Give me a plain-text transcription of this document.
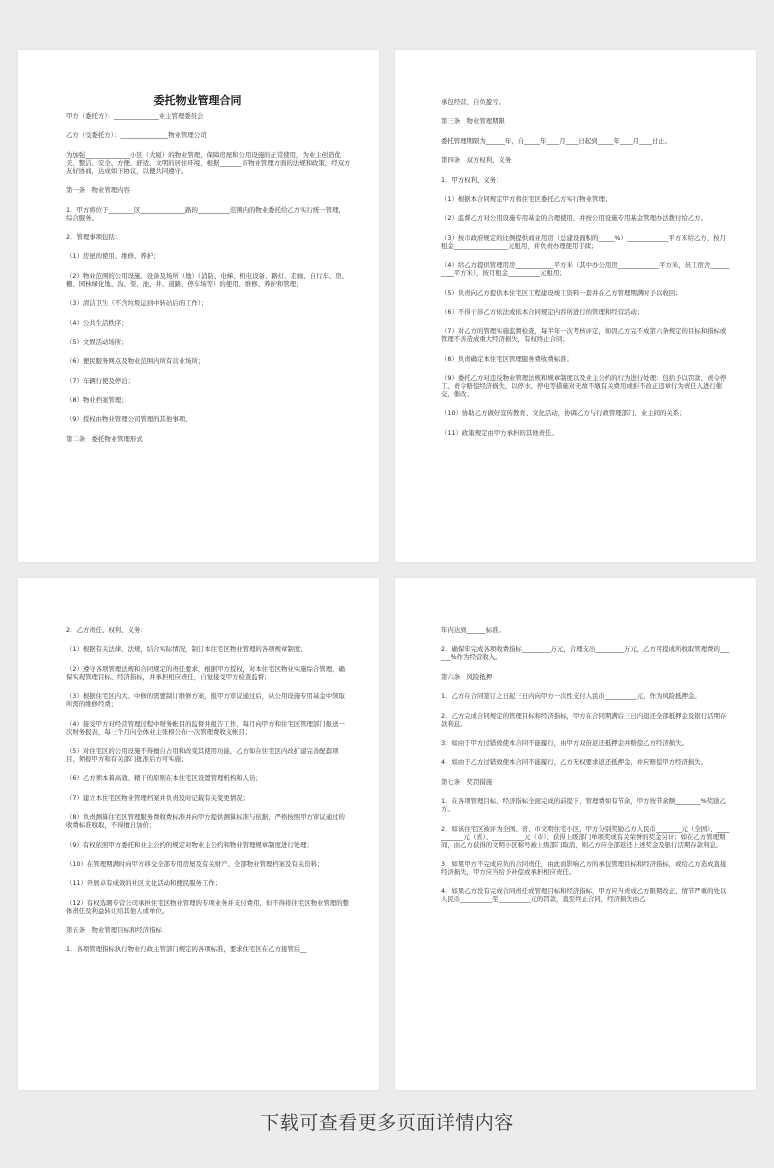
委托物业管理合同
甲方（委托方）：______________业主管理委员会
乙方（受委托方）：_______________物业管理公司
为加强______________小区（大厦）的物业管理，保障房屋和公用设施的正常使用，为业主创造优美、整洁、安全、方便、舒适、文明的居住环境，根据_______市物业管理方面的法规和政策，经双方友好协商，达成如下协议，以便共同遵守。
第一条　物业管理内容
1．甲方将位于________区______________路的__________范围内的物业委托给乙方实行统一管理，综合服务。
2．管理事项包括：
（1）房屋的使用、维修、养护；
（2）物业范围的公用设施、设备及场所（地）（消防、电梯、机电设备、路灯、走廊、自行车、房、棚、园林绿化地、沟、渠、池、井、道路、停车场等）的使用、维修、养护和管理；
（3）清洁卫生（不含垃圾运到中转站后的工作）；
（4）公共生活秩序；
（5）文娱活动场所；
（6）便民服务网点及物业范围内所有营业场所；
（7）车辆行使及停泊；
（8）物业档案管理；
（9）授权由物业管理公司管理的其他事项。
第二条　委托物业管理形式
承包经营、自负盈亏。
第三条　物业管理期限
委托管理期限为______年，自_____年____月____日起到_____年____月____日止。
第四条　双方权利、义务
1．甲方权利、义务：
（1）根据本合同规定甲方将住宅区委托乙方实行物业管理；
（2）监督乙方对公用设施专用基金的合理使用，并按公用设施专用基金管理办法拨付给乙方。
（3）按市政府规定的比例提供商业用房（总建设面积的_____%）_____________平方米给乙方，按月租金_________________元租用，并负责办理使用手续；
（4）给乙方提供管理用房____________平方米（其中办公用房_____________平方米，员工宿舍__________平方米），按月租金__________元租用；
（5）负责向乙方提供本住宅区工程建设竣工资料一套并在乙方管理期满时予以收回；
（6）不得干涉乙方依法或依本合同规定内容所进行的管理和经营活动；
（7）对乙方的管理实施监督检查，每半年一次考核评定，如因乙方完不成第六条规定的目标和指标或管理不善造成重大经济损失，有权终止合同；
（8）负责确定本住宅区管理服务费收费标准；
（9）委托乙方对违反物业管理法规和规章制度以及业主公约的行为进行处理：包括予以罚款、责令停工、责令赔偿经济损失，以停水、停电等措施对无故不缴有关费用或拒不改正违章行为责任人进行催交、催改；
（10）协助乙方做好宣传教育、文化活动，协调乙方与行政管理部门、业主间的关系；
（11）政策规定由甲方承担的其他责任。
2．乙方责任、权利、义务：
（1）根据有关法律、法规，结合实际情况，制订本住宅区物业管理的各项规章制度；
（2）遵守各项管理法规和合同规定的责任要求，根据甲方授权，对本住宅区物业实施综合管理，确保实现管理目标、经济指标，并承担相应责任，自觉接受甲方检查监督；
（3）根据住宅区内大、中修的需要制订维修方案，报甲方审议通过后，从公用设施专用基金中领取所需的维修经费；
（4）接受甲方对经营管理过程中财务帐目的监督并报告工作，每月向甲方和住宅区管理部门报送一次财务报表，每三个月向全体业主张榜公布一次管理费收支帐目；
（5）对住宅区的公用设施不得擅自占用和改变其使用功能，乙方如在住宅区内改扩建完善配套项目，须报甲方和有关部门批准后方可实施；
（6）乙方须本着高效、精干的原则在本住宅区设置管理机构和人员；
（7）建立本住宅区物业管理档案并负责及时记载有关变更情况；
（8）负责测算住宅区管理服务费收费标准并向甲方提供测算标准与依据，严格按照甲方审议通过的收费标准收取，不得擅自加价；
（9）有权依照甲方委托和业主公约的规定对物业主公约和物业管理规章制度进行处理；
（10）在管理期满时向甲方移交全部专用房屋及有关财产、全部物业管理档案及有关资料；
（11）开展卓有成效的社区文化活动和便民服务工作；
（12）有权选聘专营公司承担住宅区物业管理的专项业务并支付费用，但不得将住宅区物业管理的整体责任及利益转让给其他人或单位。
第五条　物业管理目标和经济指标
1．各项管理指标执行物业行政主管部门规定的各项标准，要求住宅区在乙方接管后__
年内达到______标准。
2．确保年完成各项收费指标_________万元，合理支出_________万元，乙方可提成所收取管理费的______%作为经营收入。
第六条　风险抵押
1．乙方在合同签订之日起三日内向甲方一次性支付人民币__________元，作为风险抵押金。
2．乙方完成合同规定的管理目标和经济指标，甲方在合同期满后三日内退还全部抵押金及银行活期存款利息。
3．如由于甲方过错致使本合同不能履行，由甲方双倍返还抵押金并赔偿乙方经济损失。
4．如由于乙方过错致使本合同不能履行，乙方无权要求返还抵押金，并应赔偿甲方经济损失。
第七条　奖罚措施
1．在各项管理目标、经济指标全面完成的前提下，管理费如有节余，甲方按节余额________%奖励乙方。
2．如该住宅区被评为全国、省、市文明住宅小区，甲方分别奖励乙方人民币________元（全国）、___________元（省）、__________元（市）；获得上级部门单项奖或有关荣誉的奖金另计；如在乙方管理期间，由乙方获得的文明小区称号被上级部门取消，则乙方应全部返还上述奖金及银行活期存款利息。
3．如果甲方不完成应负的合同责任，由此而影响乙方的承包管理目标和经济指标，或给乙方造成直接经济损失，甲方应当给予补偿或承担相应责任。
4．如果乙方没有完成合同责任或管理目标和经济指标，甲方应当责成乙方限期改正，情节严重的处以人民币__________至__________元的罚款，直至终止合同，经济损失由乙
下载可查看更多页面详情内容
